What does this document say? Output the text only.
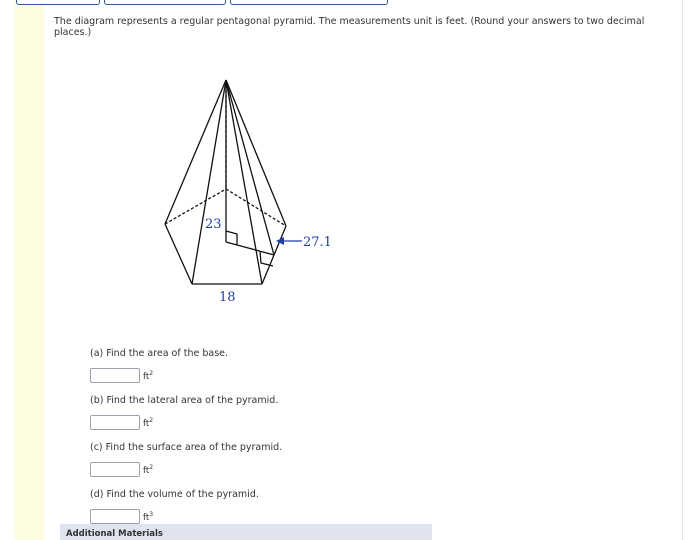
The diagram represents a regular pentagonal pyramid. The measurements unit is feet. (Round your answers to two decimal places.)
23
27.1
18
(a) Find the area of the base.
$ft^2$
(b) Find the lateral area of the pyramid.
$ft^2$
(c) Find the surface area of the pyramid.
$ft^2$
(d) Find the volume of the pyramid.
$ft^3$
Additional Materials
